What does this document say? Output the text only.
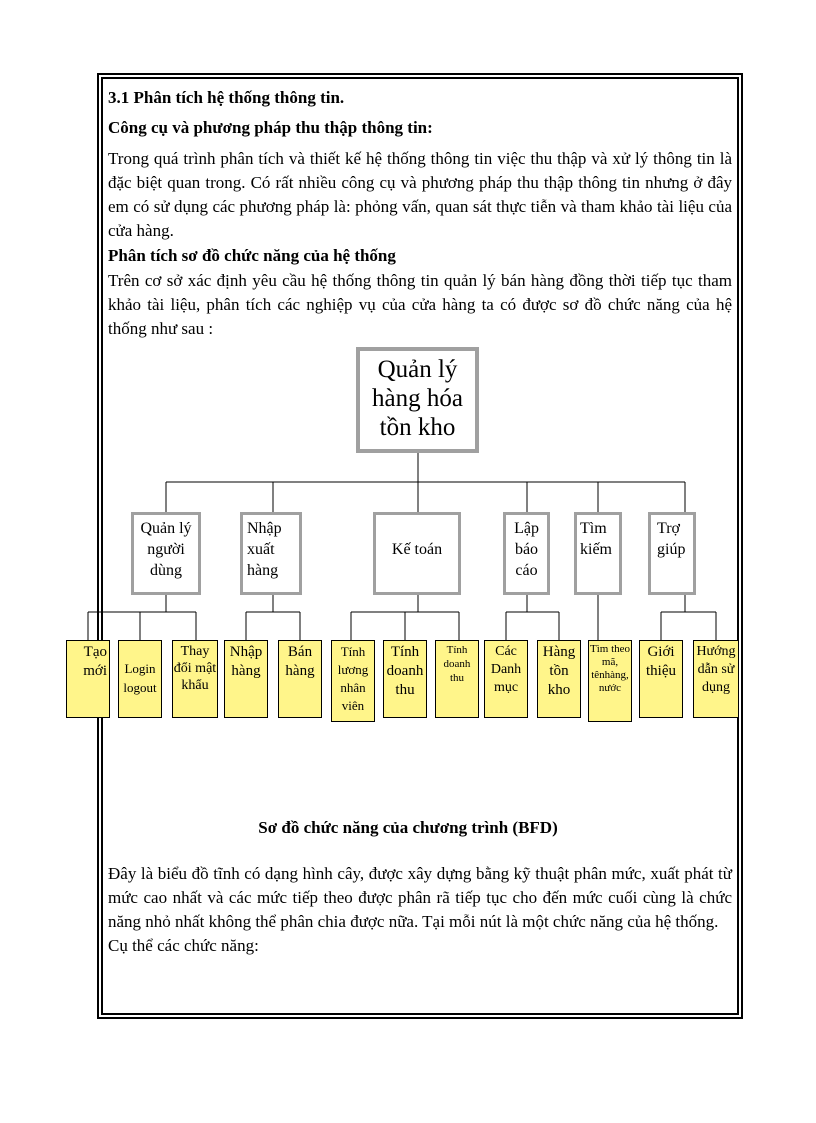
3.1 Phân tích hệ thống thông tin.
Công cụ và phương pháp thu thập thông tin:

Trong quá trình phân tích và thiết kế hệ thống thông tin việc thu thập và xử lý thông tin là đặc biệt quan trong. Có rất nhiều công cụ và phương pháp thu thập thông tin nhưng ở đây em có sử dụng các phương pháp là: phỏng vấn, quan sát thực tiễn và tham khảo tài liệu của cửa hàng.

Phân tích sơ đồ chức năng của hệ thống

Trên cơ sở xác định yêu cầu hệ thống thông tin quản lý bán hàng đồng thời tiếp tục tham khảo tài liệu, phân tích các nghiệp vụ của cửa hàng ta có được sơ đồ chức năng của hệ thống như sau :

Quản lý hàng hóa tồn kho
Quản lý người dùng
Nhập xuất hàng
Kế toán
Lập báo cáo
Tìm kiếm
Trợ giúp
Tạo mới	Login logout
Thay đổi mật khẩu
Nhập hàng
Bán hàng
Tính lương nhân viên
Tính doanh thu
Tính doanh thu
Các Danh mục
Hàng tồn kho
Tìm theo mã, tênhàng, nước
Giới thiệu
Hướng dẫn sử dụng
Sơ đồ chức năng của chương trình (BFD)

Đây là biểu đồ tĩnh có dạng hình cây, được xây dựng bằng kỹ thuật phân mức, xuất phát từ mức cao nhất và các mức tiếp theo được phân rã tiếp tục cho đến mức cuối cùng là chức năng nhỏ nhất không thể phân chia được nữa. Tại mỗi nút là một chức năng của hệ thống.

Cụ thể các chức năng:
